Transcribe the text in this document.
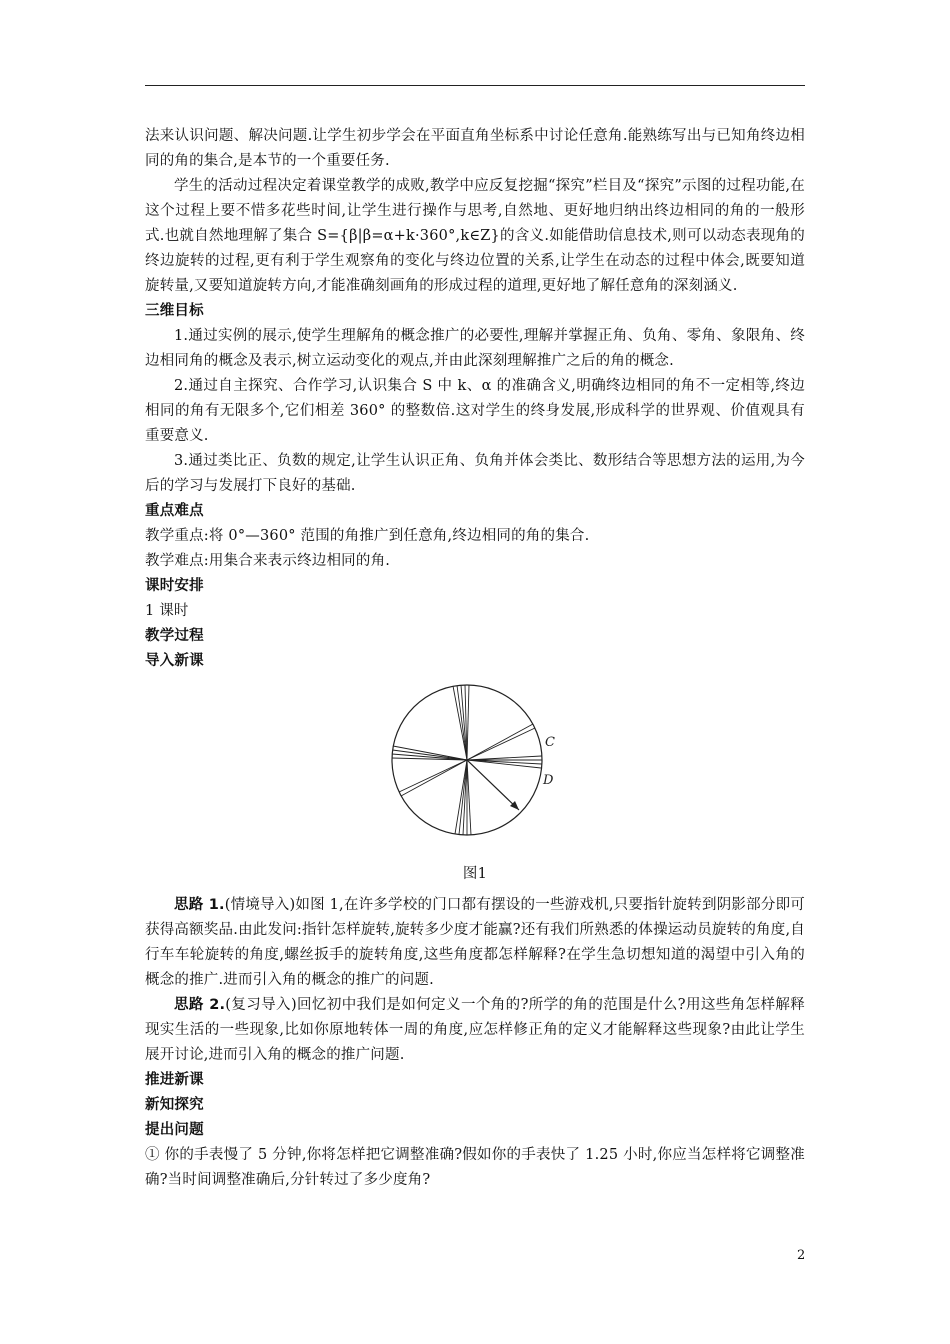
法来认识问题、解决问题.让学生初步学会在平面直角坐标系中讨论任意角.能熟练写出与已知角终边相同的角的集合,是本节的一个重要任务.

学生的活动过程决定着课堂教学的成败,教学中应反复挖掘“探究”栏目及“探究”示图的过程功能,在这个过程上要不惜多花些时间,让学生进行操作与思考,自然地、更好地归纳出终边相同的角的一般形式.也就自然地理解了集合 S={β|β=α+k·360°,k∈Z}的含义.如能借助信息技术,则可以动态表现角的终边旋转的过程,更有利于学生观察角的变化与终边位置的关系,让学生在动态的过程中体会,既要知道旋转量,又要知道旋转方向,才能准确刻画角的形成过程的道理,更好地了解任意角的深刻涵义.

三维目标

1.通过实例的展示,使学生理解角的概念推广的必要性,理解并掌握正角、负角、零角、象限角、终边相同角的概念及表示,树立运动变化的观点,并由此深刻理解推广之后的角的概念.

2.通过自主探究、合作学习,认识集合 S 中 k、α 的准确含义,明确终边相同的角不一定相等,终边相同的角有无限多个,它们相差 360° 的整数倍.这对学生的终身发展,形成科学的世界观、价值观具有重要意义.

3.通过类比正、负数的规定,让学生认识正角、负角并体会类比、数形结合等思想方法的运用,为今后的学习与发展打下良好的基础.

重点难点

教学重点:将 0°—360° 范围的角推广到任意角,终边相同的角的集合.

教学难点:用集合来表示终边相同的角.

课时安排

1 课时

教学过程
导入新课
C
D
图1

思路 1.(情境导入)如图 1,在许多学校的门口都有摆设的一些游戏机,只要指针旋转到阴影部分即可获得高额奖品.由此发问:指针怎样旋转,旋转多少度才能赢?还有我们所熟悉的体操运动员旋转的角度,自行车车轮旋转的角度,螺丝扳手的旋转角度,这些角度都怎样解释?在学生急切想知道的渴望中引入角的概念的推广.进而引入角的概念的推广的问题.

思路 2.(复习导入)回忆初中我们是如何定义一个角的?所学的角的范围是什么?用这些角怎样解释现实生活的一些现象,比如你原地转体一周的角度,应怎样修正角的定义才能解释这些现象?由此让学生展开讨论,进而引入角的概念的推广问题.

推进新课
新知探究
提出问题

① 你的手表慢了 5 分钟,你将怎样把它调整准确?假如你的手表快了 1.25 小时,你应当怎样将它调整准确?当时间调整准确后,分针转过了多少度角?

2
